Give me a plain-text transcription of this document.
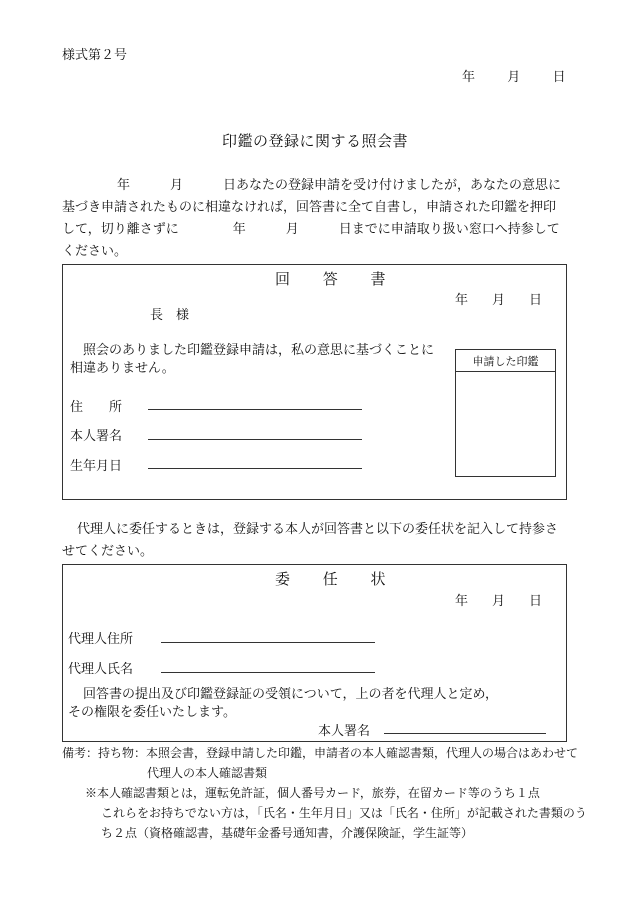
様式第２号
年 月 日
印鑑の登録に関する照会書
年	月	日あなたの登録申請を受け付けましたが，あなたの意思に
基づき申請されたものに相違なければ，回答書に全て自書し，申請された印鑑を押印
して，切り離さずに	年	月	日までに申請取り扱い窓口へ持参して
ください。
回 答 書
年 月 日
長　様
照会のありました印鑑登録申請は，私の意思に基づくことに
相違ありません。	申請した印鑑
住　　所
本人署名
生年月日
代理人に委任するときは，登録する本人が回答書と以下の委任状を記入して持参さ
せてください。
委 任 状
年 月 日
代理人住所
代理人氏名
回答書の提出及び印鑑登録証の受領について，上の者を代理人と定め，
その権限を委任いたします。
本人署名
備考：持ち物：本照会書，登録申請した印鑑，申請者の本人確認書類，代理人の場合はあわせて
代理人の本人確認書類
※本人確認書類とは，運転免許証，個人番号カード，旅券，在留カード等のうち１点
これらをお持ちでない方は，「氏名・生年月日」又は「氏名・住所」が記載された書類のう
ち２点（資格確認書，基礎年金番号通知書，介護保険証，学生証等）
